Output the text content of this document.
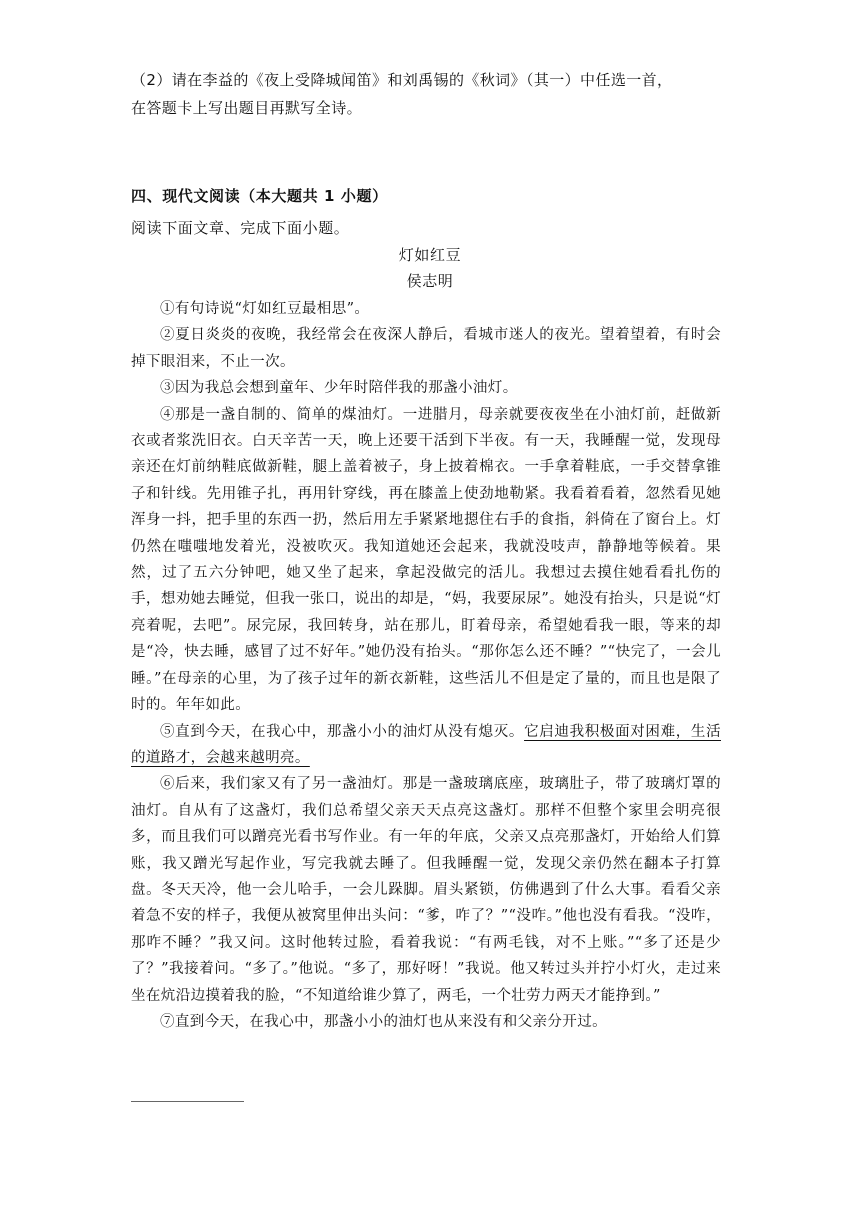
（2）请在李益的《夜上受降城闻笛》和刘禹锡的《秋词》（其一）中任选一首，
在答题卡上写出题目再默写全诗。
四、现代文阅读（本大题共 1 小题）
阅读下面文章、完成下面小题。
灯如红豆
侯志明

①有句诗说“灯如红豆最相思”。

②夏日炎炎的夜晚，我经常会在夜深人静后，看城市迷人的夜光。望着望着，有时会掉下眼泪来，不止一次。

③因为我总会想到童年、少年时陪伴我的那盏小油灯。

④那是一盏自制的、简单的煤油灯。一进腊月，母亲就要夜夜坐在小油灯前，赶做新衣或者浆洗旧衣。白天辛苦一天，晚上还要干活到下半夜。有一天，我睡醒一觉，发现母亲还在灯前纳鞋底做新鞋，腿上盖着被子，身上披着棉衣。一手拿着鞋底，一手交替拿锥子和针线。先用锥子扎，再用针穿线，再在膝盖上使劲地勒紧。我看着看着，忽然看见她浑身一抖，把手里的东西一扔，然后用左手紧紧地摁住右手的食指，斜倚在了窗台上。灯仍然在嗤嗤地发着光，没被吹灭。我知道她还会起来，我就没吱声，静静地等候着。果然，过了五六分钟吧，她又坐了起来，拿起没做完的活儿。我想过去摸住她看看扎伤的手，想劝她去睡觉，但我一张口，说出的却是，“妈，我要尿尿”。她没有抬头，只是说“灯亮着呢，去吧”。尿完尿，我回转身，站在那儿，盯着母亲，希望她看我一眼，等来的却是“冷，快去睡，感冒了过不好年。”她仍没有抬头。“那你怎么还不睡？”“快完了，一会儿睡。”在母亲的心里，为了孩子过年的新衣新鞋，这些活儿不但是定了量的，而且也是限了时的。年年如此。

⑤直到今天，在我心中，那盏小小的油灯从没有熄灭。它启迪我积极面对困难，生活的道路才，会越来越明亮。

⑥后来，我们家又有了另一盏油灯。那是一盏玻璃底座，玻璃肚子，带了玻璃灯罩的油灯。自从有了这盏灯，我们总希望父亲天天点亮这盏灯。那样不但整个家里会明亮很多，而且我们可以蹭亮光看书写作业。有一年的年底，父亲又点亮那盏灯，开始给人们算账，我又蹭光写起作业，写完我就去睡了。但我睡醒一觉，发现父亲仍然在翻本子打算盘。冬天天冷，他一会儿哈手，一会儿跺脚。眉头紧锁，仿佛遇到了什么大事。看看父亲着急不安的样子，我便从被窝里伸出头问：“爹，咋了？”“没咋。”他也没有看我。“没咋，那咋不睡？”我又问。这时他转过脸，看着我说：“有两毛钱，对不上账。”“多了还是少了？”我接着问。“多了。”他说。“多了，那好呀！”我说。他又转过头并拧小灯火，走过来坐在炕沿边摸着我的脸，“不知道给谁少算了，两毛，一个壮劳力两天才能挣到。”

⑦直到今天，在我心中，那盏小小的油灯也从来没有和父亲分开过。
